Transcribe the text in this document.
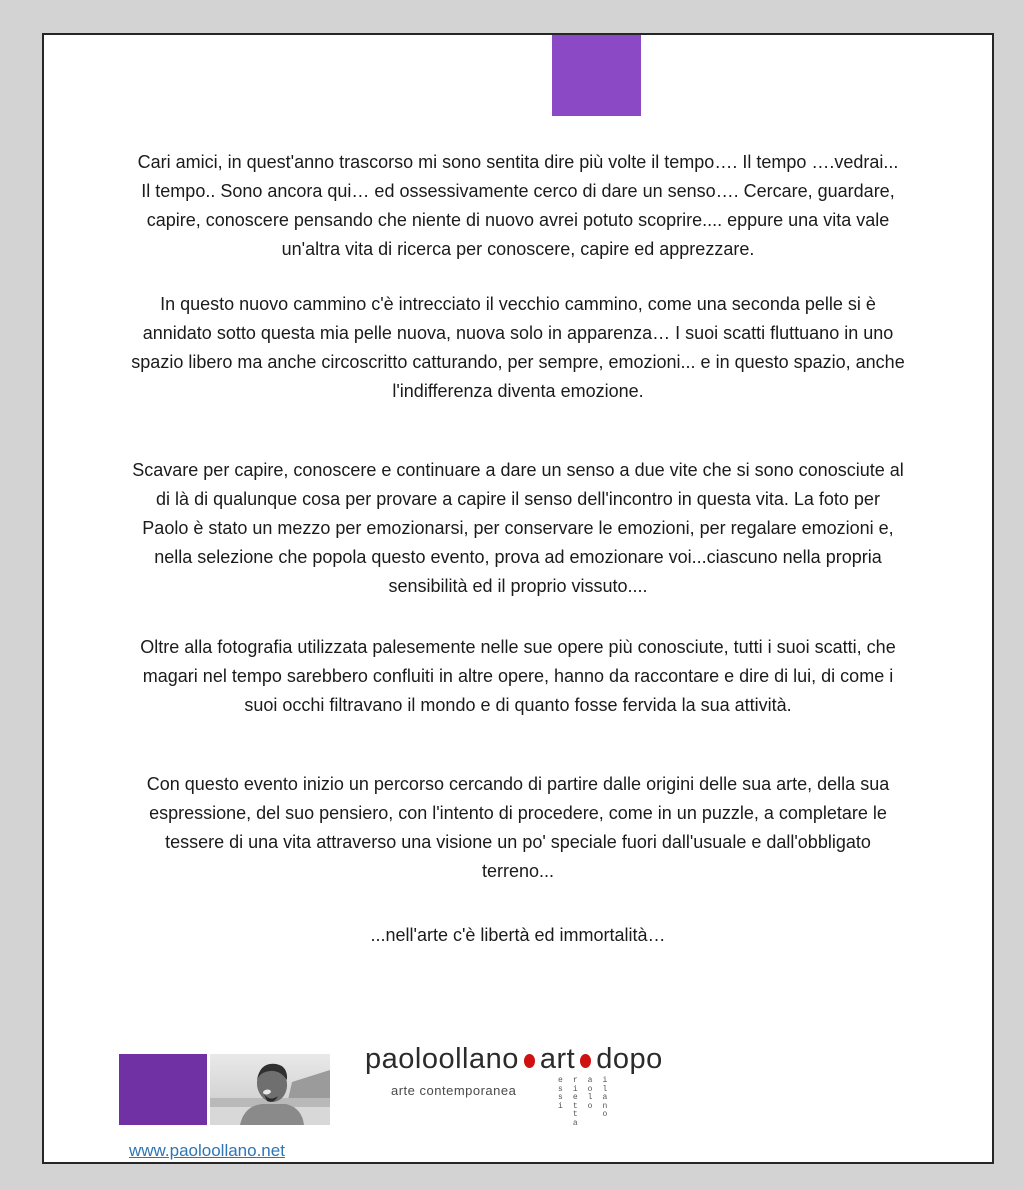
Cari amici, in quest'anno trascorso mi sono sentita dire più volte il tempo…. Il tempo ….vedrai... Il tempo.. Sono ancora qui… ed ossessivamente cerco di dare un senso…. Cercare, guardare, capire, conoscere pensando che niente di nuovo avrei potuto scoprire.... eppure una vita vale un'altra vita di ricerca per conoscere, capire ed apprezzare.

In questo nuovo cammino c'è intrecciato il vecchio cammino, come una seconda pelle si è annidato sotto questa mia pelle nuova, nuova solo in apparenza… I suoi scatti fluttuano in uno spazio libero ma anche circoscritto catturando, per sempre, emozioni... e in questo spazio, anche l'indifferenza diventa emozione.

Scavare per capire, conoscere e continuare a dare un senso a due vite che si sono conosciute al di là di qualunque cosa per provare a capire il senso dell'incontro in questa vita. La foto per Paolo è stato un mezzo per emozionarsi, per conservare le emozioni, per regalare emozioni e, nella selezione che popola questo evento, prova ad emozionare voi...ciascuno nella propria sensibilità ed il proprio vissuto....

Oltre alla fotografia utilizzata palesemente nelle sue opere più conosciute, tutti i suoi scatti, che magari nel tempo sarebbero confluiti in altre opere, hanno da raccontare e dire di lui, di come i suoi occhi filtravano il mondo e di quanto fosse fervida la sua attività.

Con questo evento inizio un percorso cercando di partire dalle origini delle sua arte, della sua espressione, del suo pensiero, con l'intento di procedere, come in un puzzle, a completare le tessere di una vita attraverso una visione un po' speciale fuori dall'usuale e dall'obbligato terreno...

...nell'arte c'è libertà ed immortalità…

paoloollano art dopo
arte contemporanea
e
s
s
i
r
i
e
t
t
a
a
o
l
o
i
l
a
n
o
www.paoloollano.net
